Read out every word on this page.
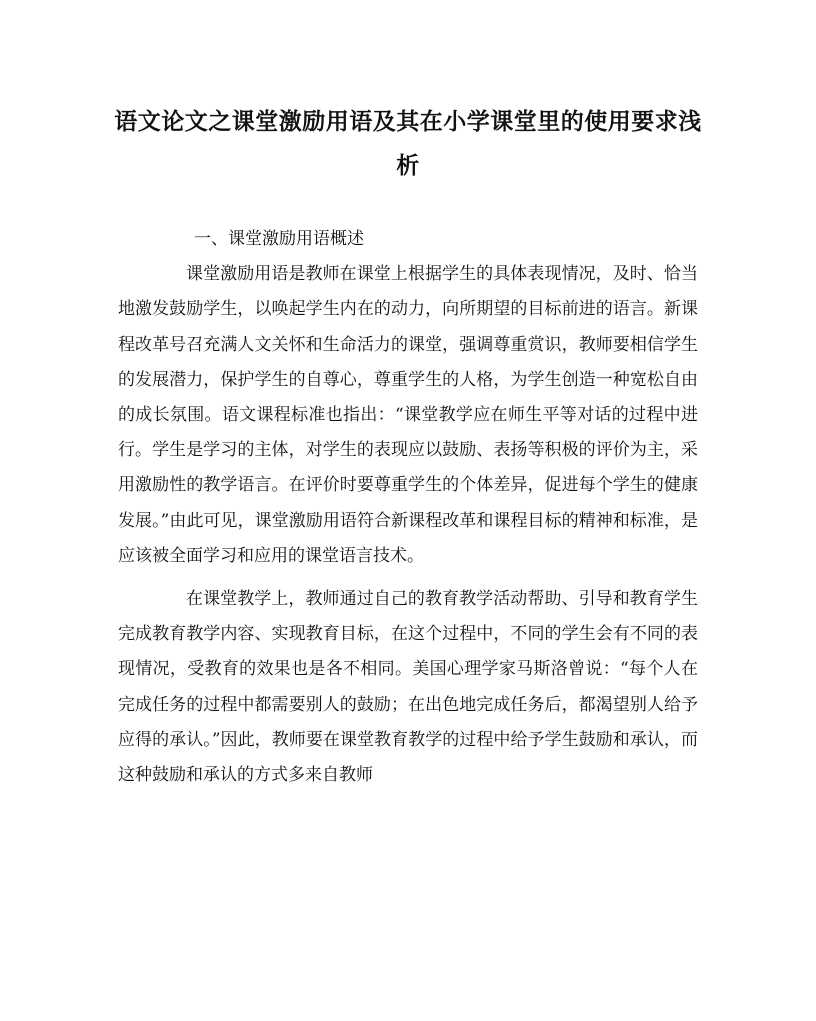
语文论文之课堂激励用语及其在小学课堂里的使用要求浅析

一、课堂激励用语概述

课堂激励用语是教师在课堂上根据学生的具体表现情况，及时、恰当地激发鼓励学生，以唤起学生内在的动力，向所期望的目标前进的语言。新课程改革号召充满人文关怀和生命活力的课堂，强调尊重赏识，教师要相信学生的发展潜力，保护学生的自尊心，尊重学生的人格，为学生创造一种宽松自由的成长氛围。语文课程标准也指出：“课堂教学应在师生平等对话的过程中进行。学生是学习的主体，对学生的表现应以鼓励、表扬等积极的评价为主，采用激励性的教学语言。在评价时要尊重学生的个体差异，促进每个学生的健康发展。”由此可见，课堂激励用语符合新课程改革和课程目标的精神和标准，是应该被全面学习和应用的课堂语言技术。

在课堂教学上，教师通过自己的教育教学活动帮助、引导和教育学生完成教育教学内容、实现教育目标，在这个过程中，不同的学生会有不同的表现情况，受教育的效果也是各不相同。美国心理学家马斯洛曾说：“每个人在完成任务的过程中都需要别人的鼓励；在出色地完成任务后，都渴望别人给予应得的承认。”因此，教师要在课堂教育教学的过程中给予学生鼓励和承认，而这种鼓励和承认的方式多来自教师
